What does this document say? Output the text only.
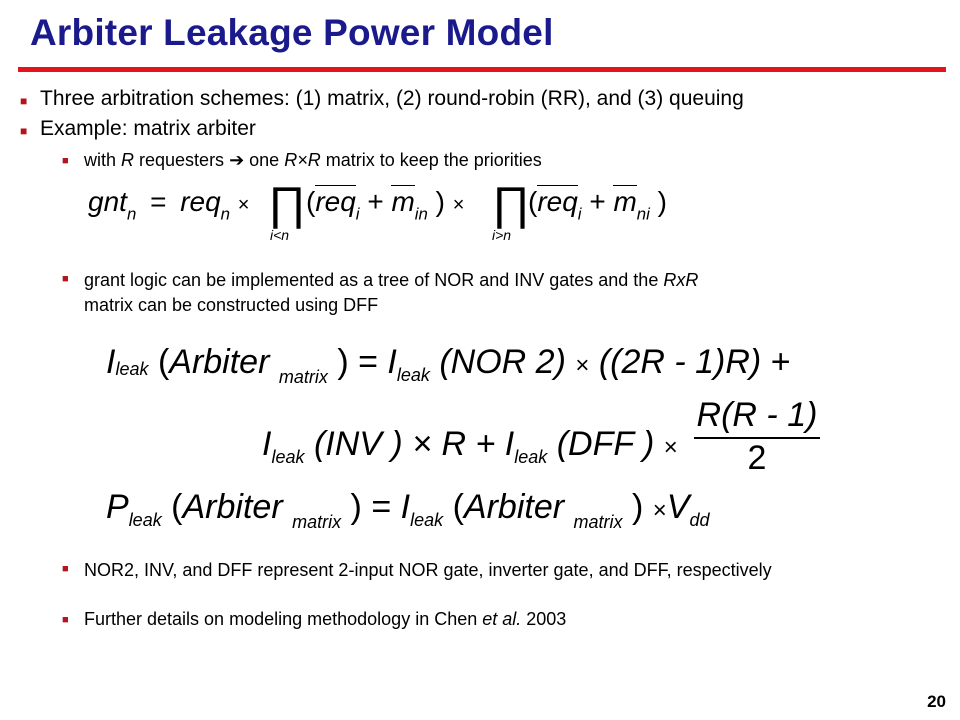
Arbiter Leakage Power Model
■ Three arbitration schemes: (1) matrix, (2) round-robin (RR), and (3) queuing
■ Example: matrix arbiter
■ with R requesters ➔ one R×R matrix to keep the priorities
gnt$_n$ = req$_n$ × ∏
i<n
($req_i + m_{in}$ ) × ∏
i>n
($req_i + m_{ni}$ )
■ grant logic can be implemented as a tree of NOR and INV gates and the RxR
matrix can be constructed using DFF
Ileak (Arbiter $_{matrix}$ ) = $I_{leak}$ (NOR 2) × ((2R - 1)R) +
$I_{leak}$ (INV ) × $R + I_{leak}$ (DFF ) ×
R(R - 1)
2
$P_{leak}$ (Arbiter $_{matrix}$ ) = $I_{leak}$ (Arbiter $_{matrix}$ ) $\times V_{dd}$
■ NOR2, INV, and DFF represent 2-input NOR gate, inverter gate, and DFF, respectively
■ Further details on modeling methodology in Chen et al. 2003
20
